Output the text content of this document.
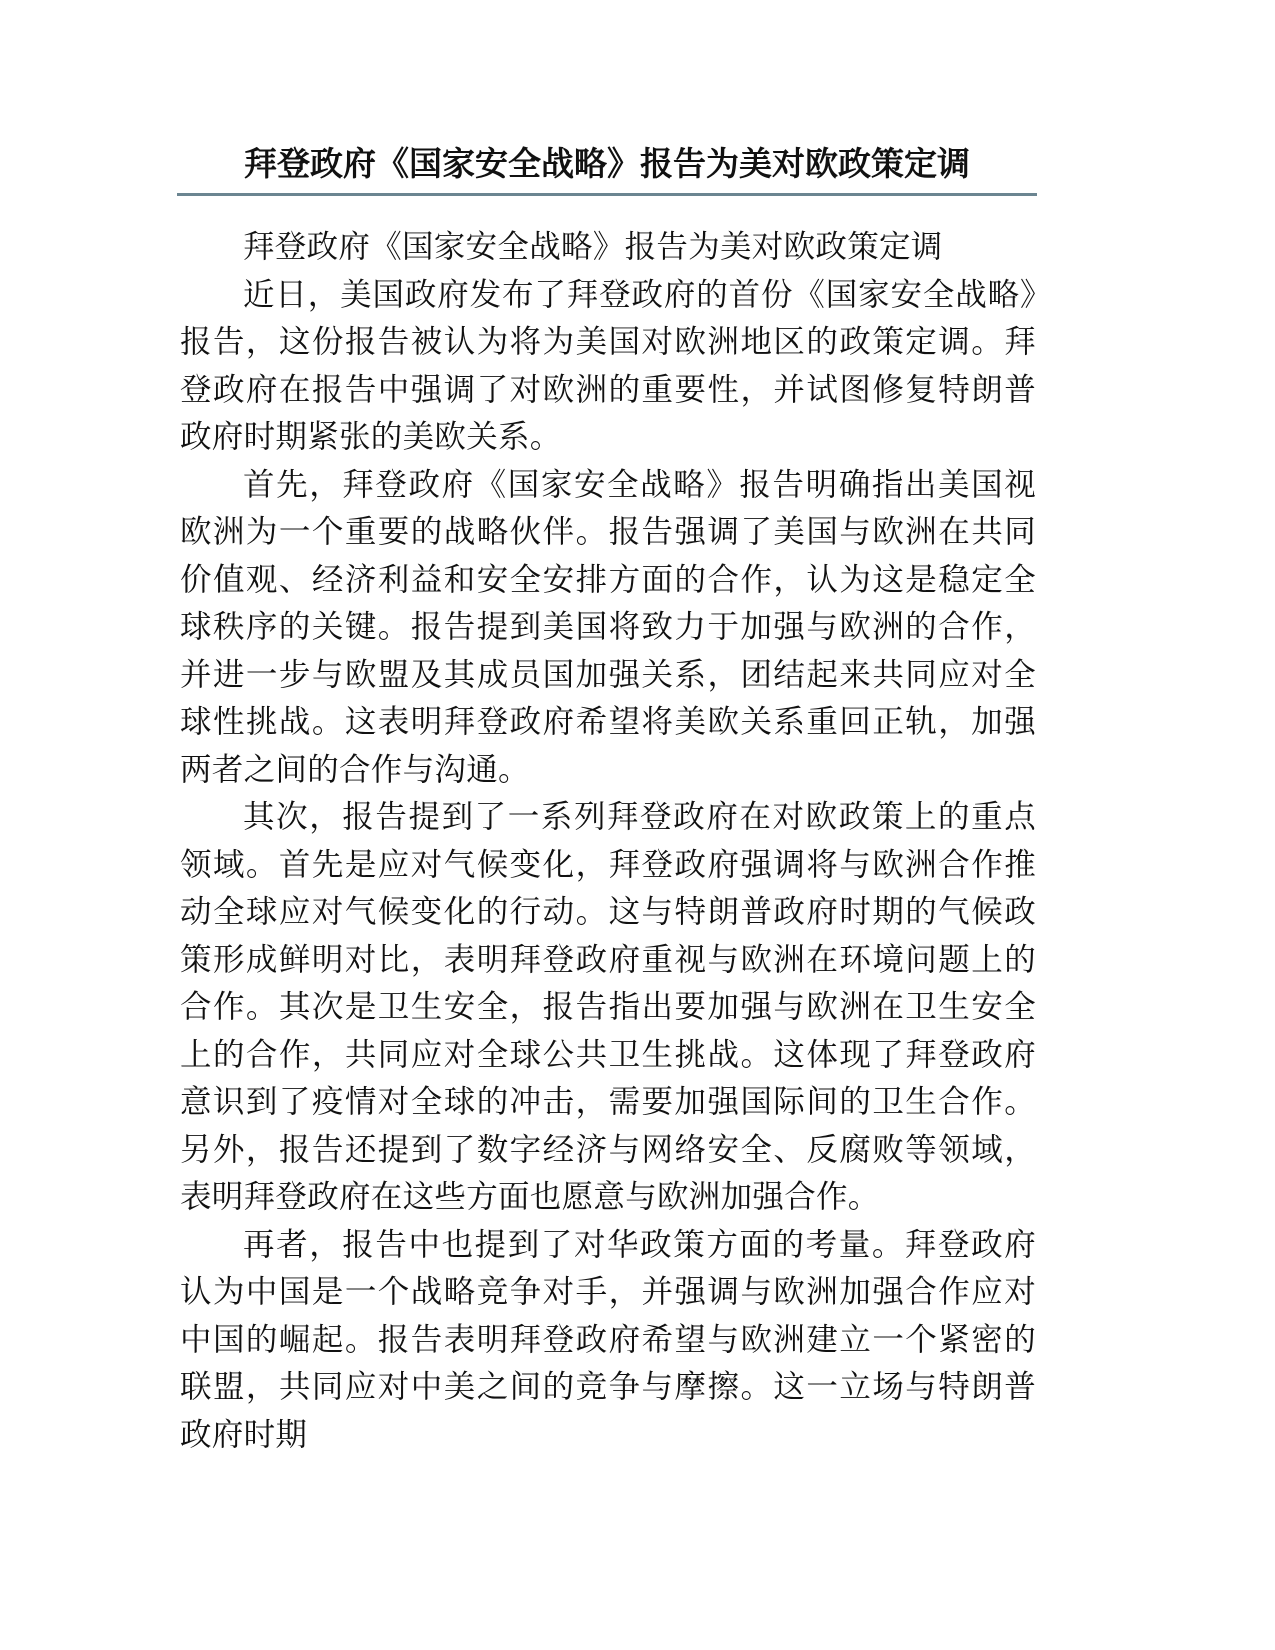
拜登政府《国家安全战略》报告为美对欧政策定调

拜登政府《国家安全战略》报告为美对欧政策定调

近日，美国政府发布了拜登政府的首份《国家安全战略》报告，这份报告被认为将为美国对欧洲地区的政策定调。拜登政府在报告中强调了对欧洲的重要性，并试图修复特朗普政府时期紧张的美欧关系。

首先，拜登政府《国家安全战略》报告明确指出美国视欧洲为一个重要的战略伙伴。报告强调了美国与欧洲在共同价值观、经济利益和安全安排方面的合作，认为这是稳定全球秩序的关键。报告提到美国将致力于加强与欧洲的合作，并进一步与欧盟及其成员国加强关系，团结起来共同应对全球性挑战。这表明拜登政府希望将美欧关系重回正轨，加强两者之间的合作与沟通。

其次，报告提到了一系列拜登政府在对欧政策上的重点领域。首先是应对气候变化，拜登政府强调将与欧洲合作推动全球应对气候变化的行动。这与特朗普政府时期的气候政策形成鲜明对比，表明拜登政府重视与欧洲在环境问题上的合作。其次是卫生安全，报告指出要加强与欧洲在卫生安全上的合作，共同应对全球公共卫生挑战。这体现了拜登政府意识到了疫情对全球的冲击，需要加强国际间的卫生合作。另外，报告还提到了数字经济与网络安全、反腐败等领域，表明拜登政府在这些方面也愿意与欧洲加强合作。

再者，报告中也提到了对华政策方面的考量。拜登政府认为中国是一个战略竞争对手，并强调与欧洲加强合作应对中国的崛起。报告表明拜登政府希望与欧洲建立一个紧密的联盟，共同应对中美之间的竞争与摩擦。这一立场与特朗普政府时期
